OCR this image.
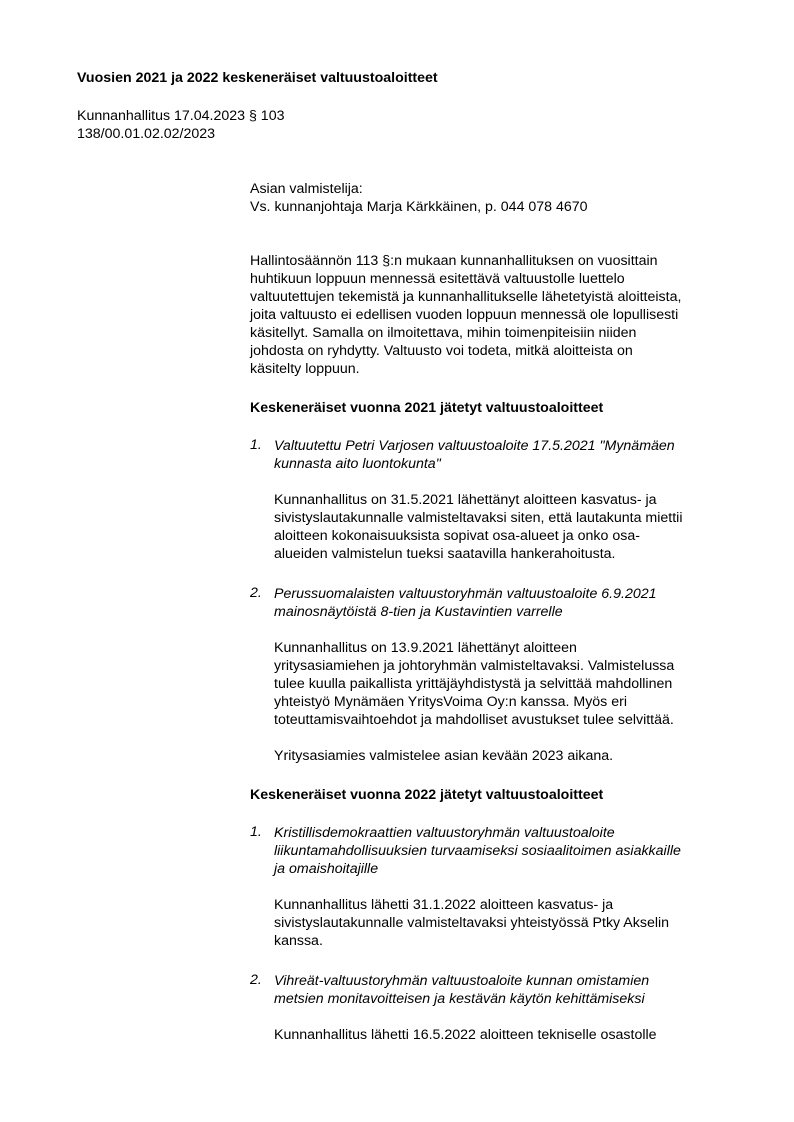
Vuosien 2021 ja 2022 keskeneräiset valtuustoaloitteet
Kunnanhallitus 17.04.2023 § 103
138/00.01.02.02/2023
Asian valmistelija:
Vs. kunnanjohtaja Marja Kärkkäinen, p. 044 078 4670
Hallintosäännön 113 §:n mukaan kunnanhallituksen on vuosittain
huhtikuun loppuun mennessä esitettävä valtuustolle luettelo
valtuutettujen tekemistä ja kunnanhallitukselle lähetetyistä aloitteista,
joita valtuusto ei edellisen vuoden loppuun mennessä ole lopullisesti
käsitellyt. Samalla on ilmoitettava, mihin toimenpiteisiin niiden
johdosta on ryhdytty. Valtuusto voi todeta, mitkä aloitteista on
käsitelty loppuun.
Keskeneräiset vuonna 2021 jätetyt valtuustoaloitteet
1. Valtuutettu Petri Varjosen valtuustoaloite 17.5.2021 "Mynämäen
kunnasta aito luontokunta"

Kunnanhallitus on 31.5.2021 lähettänyt aloitteen kasvatus- ja
sivistyslautakunnalle valmisteltavaksi siten, että lautakunta miettii
aloitteen kokonaisuuksista sopivat osa-alueet ja onko osa-
alueiden valmistelun tueksi saatavilla hankerahoitusta.

2. Perussuomalaisten valtuustoryhmän valtuustoaloite 6.9.2021
mainosnäytöistä 8-tien ja Kustavintien varrelle

Kunnanhallitus on 13.9.2021 lähettänyt aloitteen
yritysasiamiehen ja johtoryhmän valmisteltavaksi. Valmistelussa
tulee kuulla paikallista yrittäjäyhdistystä ja selvittää mahdollinen
yhteistyö Mynämäen YritysVoima Oy:n kanssa. Myös eri
toteuttamisvaihtoehdot ja mahdolliset avustukset tulee selvittää.

Yritysasiamies valmistelee asian kevään 2023 aikana.

Keskeneräiset vuonna 2022 jätetyt valtuustoaloitteet
1. Kristillisdemokraattien valtuustoryhmän valtuustoaloite
liikuntamahdollisuuksien turvaamiseksi sosiaalitoimen asiakkaille
ja omaishoitajille

Kunnanhallitus lähetti 31.1.2022 aloitteen kasvatus- ja
sivistyslautakunnalle valmisteltavaksi yhteistyössä Ptky Akselin
kanssa.

2. Vihreät-valtuustoryhmän valtuustoaloite kunnan omistamien
metsien monitavoitteisen ja kestävän käytön kehittämiseksi

Kunnanhallitus lähetti 16.5.2022 aloitteen tekniselle osastolle
